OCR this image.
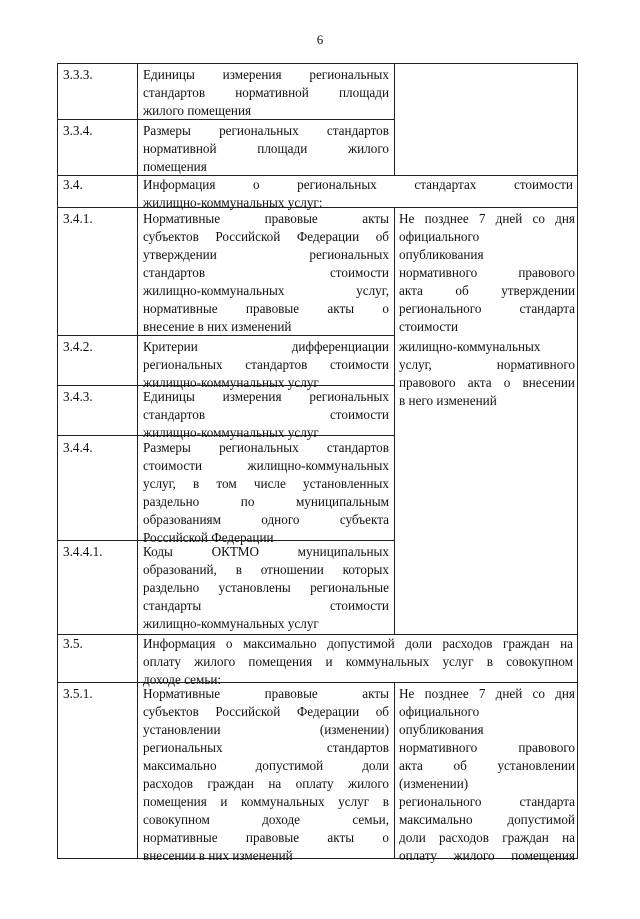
6
3.3.3.	Единицы измерения региональных
стандартов нормативной площади
жилого помещения
3.3.4.	Размеры региональных стандартов
нормативной площади жилого
помещения
3.4.	Информация о региональных стандартах стоимости
жилищно-коммунальных услуг:
3.4.1.	Нормативные правовые акты
субъектов Российской Федерации об
утверждении региональных
стандартов стоимости
жилищно-коммунальных услуг,
нормативные правовые акты о
внесение в них изменений
Не позднее 7 дней со дня
официального
опубликования
нормативного правового
акта об утверждении
регионального стандарта
стоимости
жилищно-коммунальных
услуг, нормативного
правового акта о внесении
в него изменений
3.4.2.	Критерии дифференциации
региональных стандартов стоимости
жилищно-коммунальных услуг
3.4.3.	Единицы измерения региональных
стандартов стоимости
жилищно-коммунальных услуг
3.4.4.	Размеры региональных стандартов
стоимости жилищно-коммунальных
услуг, в том числе установленных
раздельно по муниципальным
образованиям одного субъекта
Российской Федерации
3.4.4.1.	Коды ОКТМО муниципальных
образований, в отношении которых
раздельно установлены региональные
стандарты стоимости
жилищно-коммунальных услуг
3.5.	Информация о максимально допустимой доли расходов граждан на
оплату жилого помещения и коммунальных услуг в совокупном
доходе семьи:
3.5.1.	Нормативные правовые акты
субъектов Российской Федерации об
установлении (изменении)
региональных стандартов
максимально допустимой доли
расходов граждан на оплату жилого
помещения и коммунальных услуг в
совокупном доходе семьи,
нормативные правовые акты о
внесении в них изменений
Не позднее 7 дней со дня
официального
опубликования
нормативного правового
акта об установлении
(изменении)
регионального стандарта
максимально допустимой
доли расходов граждан на
оплату жилого помещения
